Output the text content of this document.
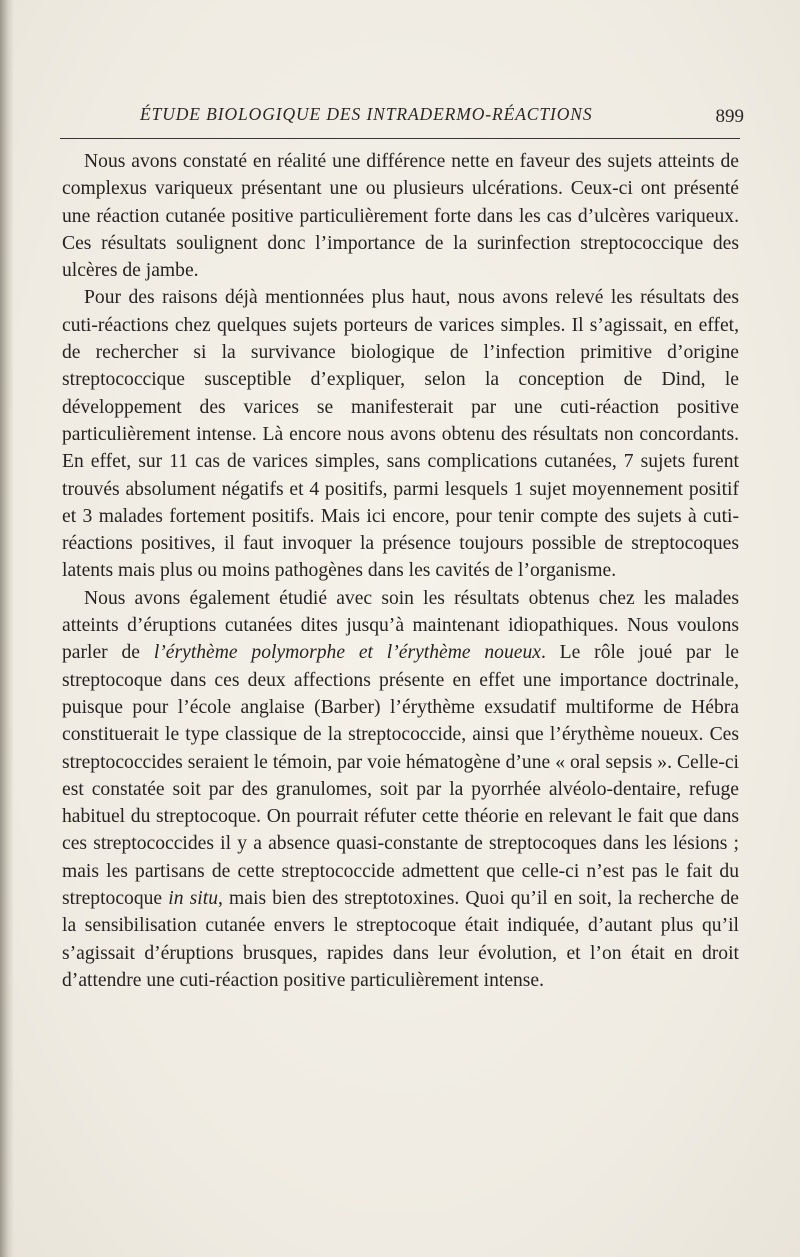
ÉTUDE BIOLOGIQUE DES INTRADERMO-RÉACTIONS	899

Nous avons constaté en réalité une différence nette en faveur des sujets atteints de complexus variqueux présentant une ou plusieurs ulcérations. Ceux-ci ont présenté une réaction cutanée positive particulièrement forte dans les cas d’ulcères variqueux. Ces résultats soulignent donc l’importance de la surinfection streptococcique des ulcères de jambe.

Pour des raisons déjà mentionnées plus haut, nous avons relevé les résultats des cuti-réactions chez quelques sujets porteurs de varices simples. Il s’agissait, en effet, de rechercher si la survivance biologique de l’infection primitive d’origine streptococcique susceptible d’expliquer, selon la conception de Dind, le développement des varices se manifesterait par une cuti-réaction positive particulièrement intense. Là encore nous avons obtenu des résultats non concordants. En effet, sur 11 cas de varices simples, sans complications cutanées, 7 sujets furent trouvés absolument négatifs et 4 positifs, parmi lesquels 1 sujet moyennement positif et 3 malades fortement positifs. Mais ici encore, pour tenir compte des sujets à cuti-réactions positives, il faut invoquer la présence toujours possible de streptocoques latents mais plus ou moins pathogènes dans les cavités de l’organisme.

Nous avons également étudié avec soin les résultats obtenus chez les malades atteints d’éruptions cutanées dites jusqu’à maintenant idiopathiques. Nous voulons parler de l’érythème polymorphe et l’érythème noueux. Le rôle joué par le streptocoque dans ces deux affections présente en effet une importance doctrinale, puisque pour l’école anglaise (Barber) l’érythème exsudatif multiforme de Hébra constituerait le type classique de la streptococcide, ainsi que l’érythème noueux. Ces streptococcides seraient le témoin, par voie hématogène d’une « oral sepsis ». Celle-ci est constatée soit par des granulomes, soit par la pyorrhée alvéolo-dentaire, refuge habituel du streptocoque. On pourrait réfuter cette théorie en relevant le fait que dans ces streptococcides il y a absence quasi-constante de streptocoques dans les lésions ; mais les partisans de cette streptococcide admettent que celle-ci n’est pas le fait du streptocoque in situ, mais bien des streptotoxines. Quoi qu’il en soit, la recherche de la sensibilisation cutanée envers le streptocoque était indiquée, d’autant plus qu’il s’agissait d’éruptions brusques, rapides dans leur évolution, et l’on était en droit d’attendre une cuti-réaction positive particulièrement intense.
